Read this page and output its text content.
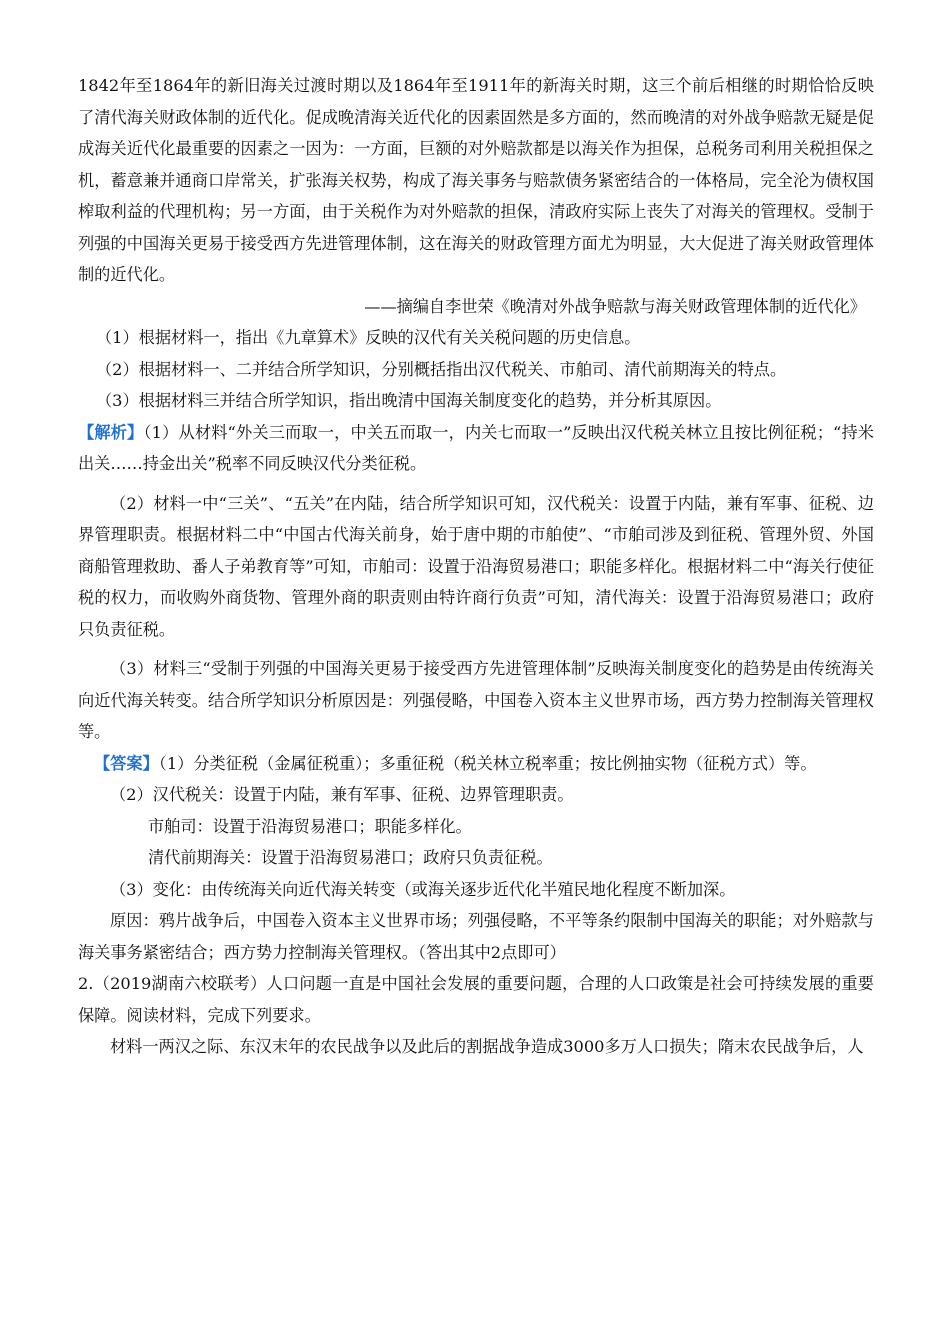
1842年至1864年的新旧海关过渡时期以及1864年至1911年的新海关时期，这三个前后相继的时期恰恰反映了清代海关财政体制的近代化。促成晚清海关近代化的因素固然是多方面的，然而晚清的对外战争赔款无疑是促成海关近代化最重要的因素之一因为：一方面，巨额的对外赔款都是以海关作为担保，总税务司利用关税担保之机，蓄意兼并通商口岸常关，扩张海关权势，构成了海关事务与赔款债务紧密结合的一体格局，完全沦为债权国榨取利益的代理机构；另一方面，由于关税作为对外赔款的担保，清政府实际上丧失了对海关的管理权。受制于列强的中国海关更易于接受西方先进管理体制，这在海关的财政管理方面尤为明显，大大促进了海关财政管理体制的近代化。

——摘编自李世荣《晚清对外战争赔款与海关财政管理体制的近代化》

（1）根据材料一，指出《九章算术》反映的汉代有关关税问题的历史信息。

（2）根据材料一、二并结合所学知识，分别概括指出汉代税关、市舶司、清代前期海关的特点。

（3）根据材料三并结合所学知识，指出晚清中国海关制度变化的趋势，并分析其原因。

【解析】（1）从材料“外关三而取一，中关五而取一，内关七而取一”反映出汉代税关林立且按比例征税；“持米出关……持金出关”税率不同反映汉代分类征税。

（2）材料一中“三关”、“五关”在内陆，结合所学知识可知，汉代税关：设置于内陆，兼有军事、征税、边界管理职责。根据材料二中“中国古代海关前身，始于唐中期的市舶使”、“市舶司涉及到征税、管理外贸、外国商船管理救助、番人子弟教育等”可知，市舶司：设置于沿海贸易港口；职能多样化。根据材料二中“海关行使征税的权力，而收购外商货物、管理外商的职责则由特许商行负责”可知，清代海关：设置于沿海贸易港口；政府只负责征税。

（3）材料三“受制于列强的中国海关更易于接受西方先进管理体制”反映海关制度变化的趋势是由传统海关向近代海关转变。结合所学知识分析原因是：列强侵略，中国卷入资本主义世界市场，西方势力控制海关管理权等。

【答案】（1）分类征税（金属征税重）；多重征税（税关林立税率重；按比例抽实物（征税方式）等。

（2）汉代税关：设置于内陆，兼有军事、征税、边界管理职责。

市舶司：设置于沿海贸易港口；职能多样化。

清代前期海关：设置于沿海贸易港口；政府只负责征税。

（3）变化：由传统海关向近代海关转变（或海关逐步近代化半殖民地化程度不断加深。

原因：鸦片战争后，中国卷入资本主义世界市场；列强侵略，不平等条约限制中国海关的职能；对外赔款与海关事务紧密结合；西方势力控制海关管理权。（答出其中2点即可）

2.（2019湖南六校联考）人口问题一直是中国社会发展的重要问题，合理的人口政策是社会可持续发展的重要保障。阅读材料，完成下列要求。

材料一两汉之际、东汉末年的农民战争以及此后的割据战争造成3000多万人口损失；隋末农民战争后，人
